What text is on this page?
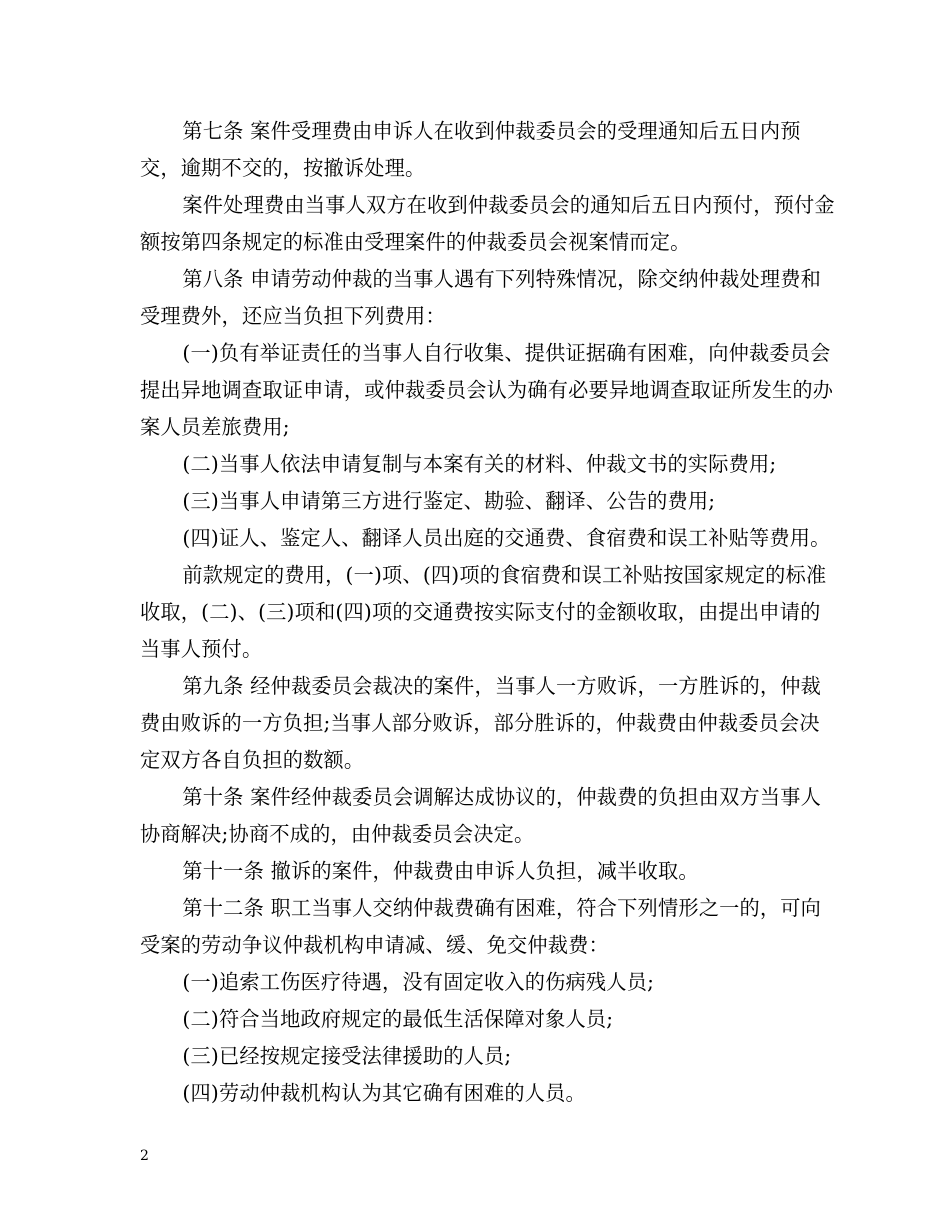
第七条 案件受理费由申诉人在收到仲裁委员会的受理通知后五日内预交，逾期不交的，按撤诉处理。

案件处理费由当事人双方在收到仲裁委员会的通知后五日内预付，预付金额按第四条规定的标准由受理案件的仲裁委员会视案情而定。

第八条 申请劳动仲裁的当事人遇有下列特殊情况，除交纳仲裁处理费和受理费外，还应当负担下列费用：

(一)负有举证责任的当事人自行收集、提供证据确有困难，向仲裁委员会提出异地调查取证申请，或仲裁委员会认为确有必要异地调查取证所发生的办案人员差旅费用;

(二)当事人依法申请复制与本案有关的材料、仲裁文书的实际费用;

(三)当事人申请第三方进行鉴定、勘验、翻译、公告的费用;

(四)证人、鉴定人、翻译人员出庭的交通费、食宿费和误工补贴等费用。

前款规定的费用，(一)项、(四)项的食宿费和误工补贴按国家规定的标准收取，(二)、(三)项和(四)项的交通费按实际支付的金额收取，由提出申请的当事人预付。

第九条 经仲裁委员会裁决的案件，当事人一方败诉，一方胜诉的，仲裁费由败诉的一方负担;当事人部分败诉，部分胜诉的，仲裁费由仲裁委员会决定双方各自负担的数额。

第十条 案件经仲裁委员会调解达成协议的，仲裁费的负担由双方当事人协商解决;协商不成的，由仲裁委员会决定。

第十一条 撤诉的案件，仲裁费由申诉人负担，减半收取。

第十二条 职工当事人交纳仲裁费确有困难，符合下列情形之一的，可向受案的劳动争议仲裁机构申请减、缓、免交仲裁费：

(一)追索工伤医疗待遇，没有固定收入的伤病残人员;

(二)符合当地政府规定的最低生活保障对象人员;

(三)已经按规定接受法律援助的人员;

(四)劳动仲裁机构认为其它确有困难的人员。

2
